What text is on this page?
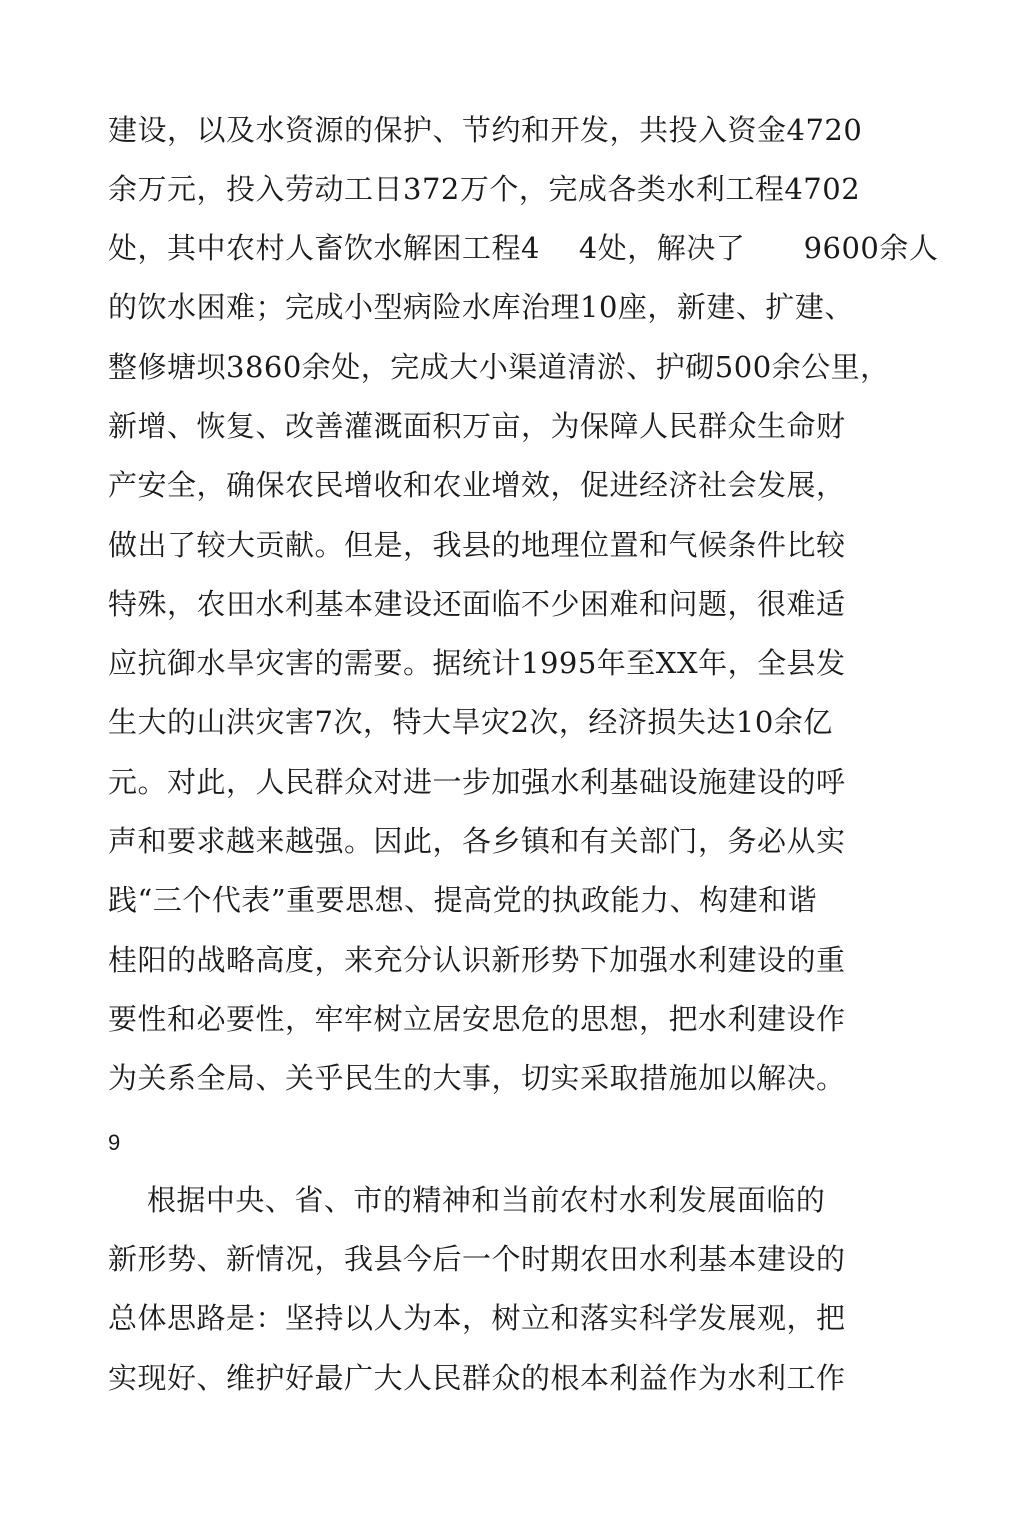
建设，以及水资源的保护、节约和开发，共投入资金4720
余万元，投入劳动工日372万个，完成各类水利工程4702
处，其中农村人畜饮水解困工程4    4处，解决了      9600余人
的饮水困难；完成小型病险水库治理10座，新建、扩建、
整修塘坝3860余处，完成大小渠道清淤、护砌500余公里，
新增、恢复、改善灌溉面积万亩，为保障人民群众生命财
产安全，确保农民增收和农业增效，促进经济社会发展，
做出了较大贡献。但是，我县的地理位置和气候条件比较
特殊，农田水利基本建设还面临不少困难和问题，很难适
应抗御水旱灾害的需要。据统计1995年至XX年，全县发
生大的山洪灾害7次，特大旱灾2次，经济损失达10余亿
元。对此，人民群众对进一步加强水利基础设施建设的呼
声和要求越来越强。因此，各乡镇和有关部门，务必从实
践“三个代表”重要思想、提高党的执政能力、构建和谐
桂阳的战略高度，来充分认识新形势下加强水利建设的重
要性和必要性，牢牢树立居安思危的思想，把水利建设作
为关系全局、关乎民生的大事，切实采取措施加以解决。
9
根据中央、省、市的精神和当前农村水利发展面临的
新形势、新情况，我县今后一个时期农田水利基本建设的
总体思路是：坚持以人为本，树立和落实科学发展观，把
实现好、维护好最广大人民群众的根本利益作为水利工作
